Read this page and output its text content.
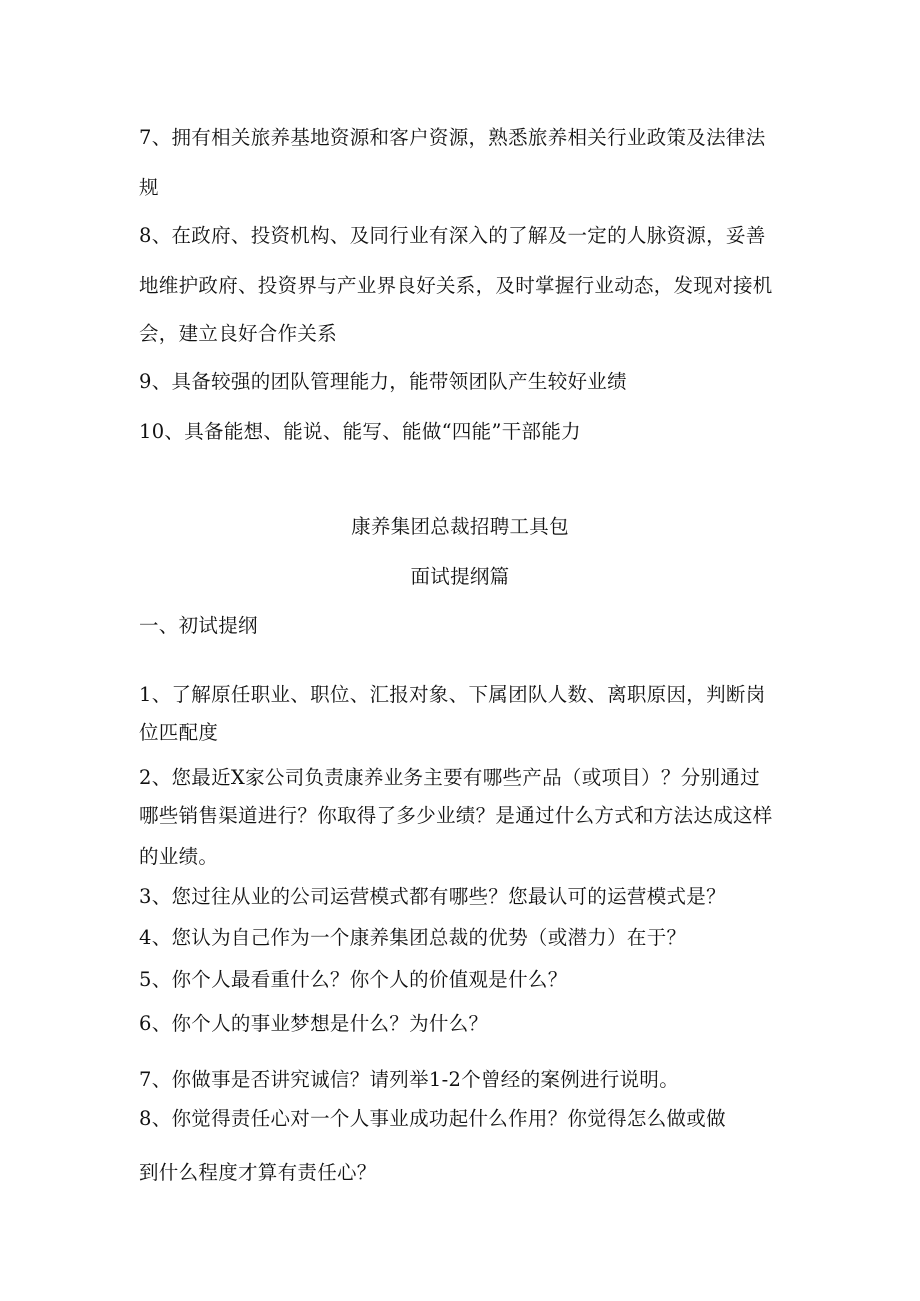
7、拥有相关旅养基地资源和客户资源，熟悉旅养相关行业政策及法律法
规
8、在政府、投资机构、及同行业有深入的了解及一定的人脉资源，妥善
地维护政府、投资界与产业界良好关系，及时掌握行业动态，发现对接机
会，建立良好合作关系
9、具备较强的团队管理能力，能带领团队产生较好业绩
10、具备能想、能说、能写、能做“四能”干部能力
康养集团总裁招聘工具包
面试提纲篇
一、初试提纲
1、了解原任职业、职位、汇报对象、下属团队人数、离职原因，判断岗
位匹配度
2、您最近X家公司负责康养业务主要有哪些产品（或项目）？分别通过
哪些销售渠道进行？你取得了多少业绩？是通过什么方式和方法达成这样
的业绩。
3、您过往从业的公司运营模式都有哪些？您最认可的运营模式是？
4、您认为自己作为一个康养集团总裁的优势（或潜力）在于？
5、你个人最看重什么？你个人的价值观是什么？
6、你个人的事业梦想是什么？为什么？
7、你做事是否讲究诚信？请列举1-2个曾经的案例进行说明。
8、你觉得责任心对一个人事业成功起什么作用？你觉得怎么做或做
到什么程度才算有责任心？
